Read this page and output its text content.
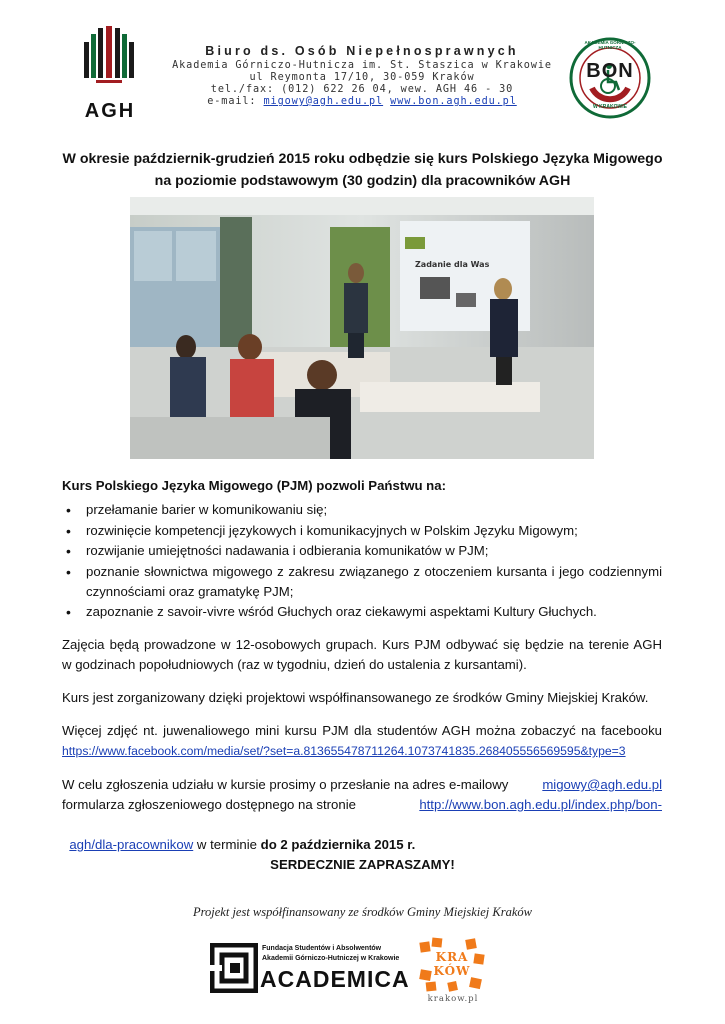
AGH
Biuro ds. Osób Niepełnosprawnych
Akademia Górniczo-Hutnicza im. St. Staszica w Krakowie
ul Reymonta 17/10, 30-059 Kraków
tel./fax: (012) 622 26 04, wew. AGH 46 - 30
e-mail: migowy@agh.edu.pl www.bon.agh.edu.pl
AKADEMIA GÓRNICZO-HUTNICZA
BON
W KRAKOWIE
W okresie październik-grudzień 2015 roku odbędzie się kurs Polskiego Języka Migowego
na poziomie podstawowym (30 godzin) dla pracowników AGH
Zadanie dla Was
Kurs Polskiego Języka Migowego (PJM) pozwoli Państwu na:
• przełamanie barier w komunikowaniu się;
• rozwinięcie kompetencji językowych i komunikacyjnych w Polskim Języku Migowym;
• rozwijanie umiejętności nadawania i odbierania komunikatów w PJM;
• poznanie słownictwa migowego z zakresu związanego z otoczeniem kursanta i jego codziennymi czynnościami oraz gramatykę PJM;
• zapoznanie z savoir-vivre wśród Głuchych oraz ciekawymi aspektami Kultury Głuchych.
Zajęcia będą prowadzone w 12-osobowych grupach. Kurs PJM odbywać się będzie na terenie AGH
w godzinach popołudniowych (raz w tygodniu, dzień do ustalenia z kursantami).
Kurs jest zorganizowany dzięki projektowi współfinansowanego ze środków Gminy Miejskiej Kraków.
Więcej zdjęć nt. juwenaliowego mini kursu PJM dla studentów AGH można zobaczyć na facebooku
https://www.facebook.com/media/set/?set=a.813655478711264.1073741835.268405556569595&type=3
W celu zgłoszenia udziału w kursie prosimy o przesłanie na adres e-mailowy	migowy@agh.edu.pl
formularza zgłoszeniowego dostępnego na stronie	http://www.bon.agh.edu.pl/index.php/bon-

agh/dla-pracownikow w terminie do 2 października 2015 r.

SERDECZNIE ZAPRASZAMY!
Projekt jest współfinansowany ze środków Gminy Miejskiej Kraków
Fundacja Studentów i Absolwentów
Akademii Górniczo-Hutniczej w Krakowie
ACADEMICA
KRA
KÓW
krakow.pl
